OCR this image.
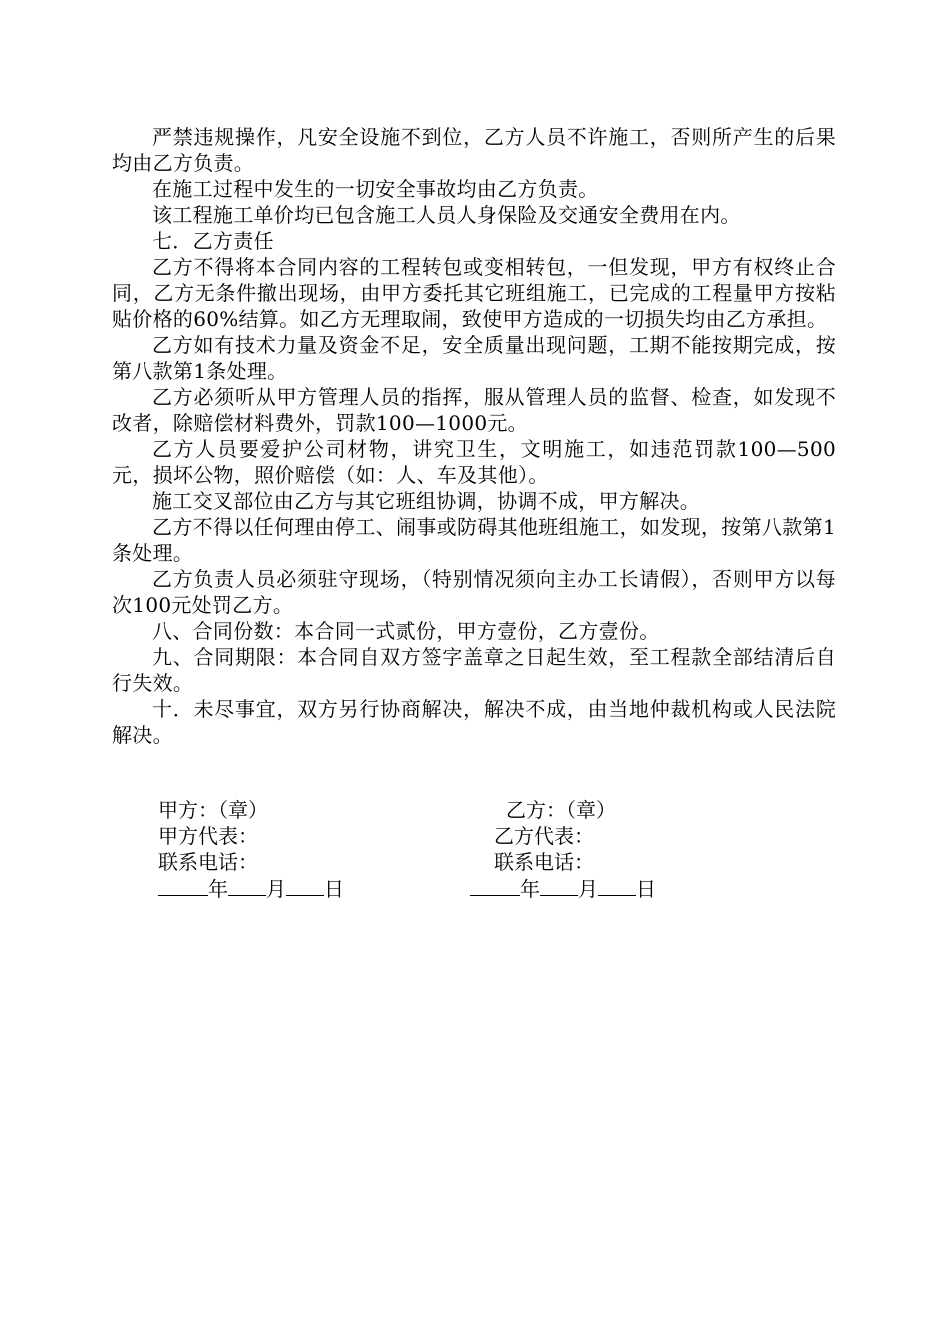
严禁违规操作，凡安全设施不到位，乙方人员不许施工，否则所产生的后果均由乙方负责。

在施工过程中发生的一切安全事故均由乙方负责。

该工程施工单价均已包含施工人员人身保险及交通安全费用在内。

七．乙方责任

乙方不得将本合同内容的工程转包或变相转包，一但发现，甲方有权终止合同，乙方无条件撤出现场，由甲方委托其它班组施工，已完成的工程量甲方按粘贴价格的60%结算。如乙方无理取闹，致使甲方造成的一切损失均由乙方承担。

乙方如有技术力量及资金不足，安全质量出现问题，工期不能按期完成，按第八款第1条处理。

乙方必须听从甲方管理人员的指挥，服从管理人员的监督、检查，如发现不改者，除赔偿材料费外，罚款100—1000元。

乙方人员要爱护公司材物，讲究卫生，文明施工，如违范罚款100—500元，损坏公物，照价赔偿（如：人、车及其他）。

施工交叉部位由乙方与其它班组协调，协调不成，甲方解决。

乙方不得以任何理由停工、闹事或防碍其他班组施工，如发现，按第八款第1条处理。

乙方负责人员必须驻守现场，（特别情况须向主办工长请假），否则甲方以每次100元处罚乙方。

八、合同份数：本合同一式贰份，甲方壹份，乙方壹份。

九、合同期限：本合同自双方签字盖章之日起生效，至工程款全部结清后自行失效。

十．未尽事宜，双方另行协商解决，解决不成，由当地仲裁机构或人民法院解决。

甲方：（章）	乙方：（章）
甲方代表：	乙方代表：
联系电话：	联系电话：
年 月 日	年 月 日
